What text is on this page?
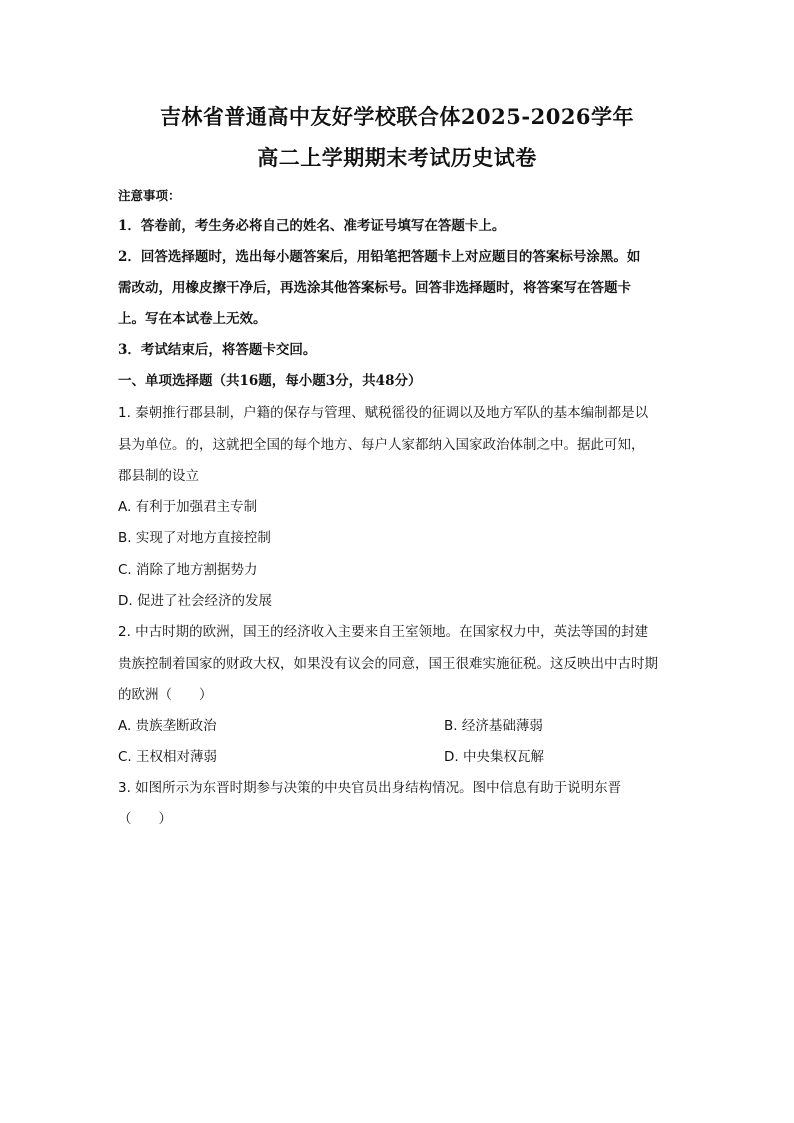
吉林省普通高中友好学校联合体2025-2026学年
高二上学期期末考试历史试卷
注意事项：
1．答卷前，考生务必将自己的姓名、准考证号填写在答题卡上。
2．回答选择题时，选出每小题答案后，用铅笔把答题卡上对应题目的答案标号涂黑。如
需改动，用橡皮擦干净后，再选涂其他答案标号。回答非选择题时，将答案写在答题卡
上。写在本试卷上无效。
3．考试结束后，将答题卡交回。
一、单项选择题（共16题，每小题3分，共48分）
1. 秦朝推行郡县制，户籍的保存与管理、赋税徭役的征调以及地方军队的基本编制都是以
县为单位。的，这就把全国的每个地方、每户人家都纳入国家政治体制之中。据此可知，
郡县制的设立
A. 有利于加强君主专制
B. 实现了对地方直接控制
C. 消除了地方割据势力
D. 促进了社会经济的发展
2. 中古时期的欧洲，国王的经济收入主要来自王室领地。在国家权力中，英法等国的封建
贵族控制着国家的财政大权，如果没有议会的同意，国王很难实施征税。这反映出中古时期
的欧洲（　　）
A. 贵族垄断政治	B. 经济基础薄弱
C. 王权相对薄弱	D. 中央集权瓦解
3. 如图所示为东晋时期参与决策的中央官员出身结构情况。图中信息有助于说明东晋
（　　）
